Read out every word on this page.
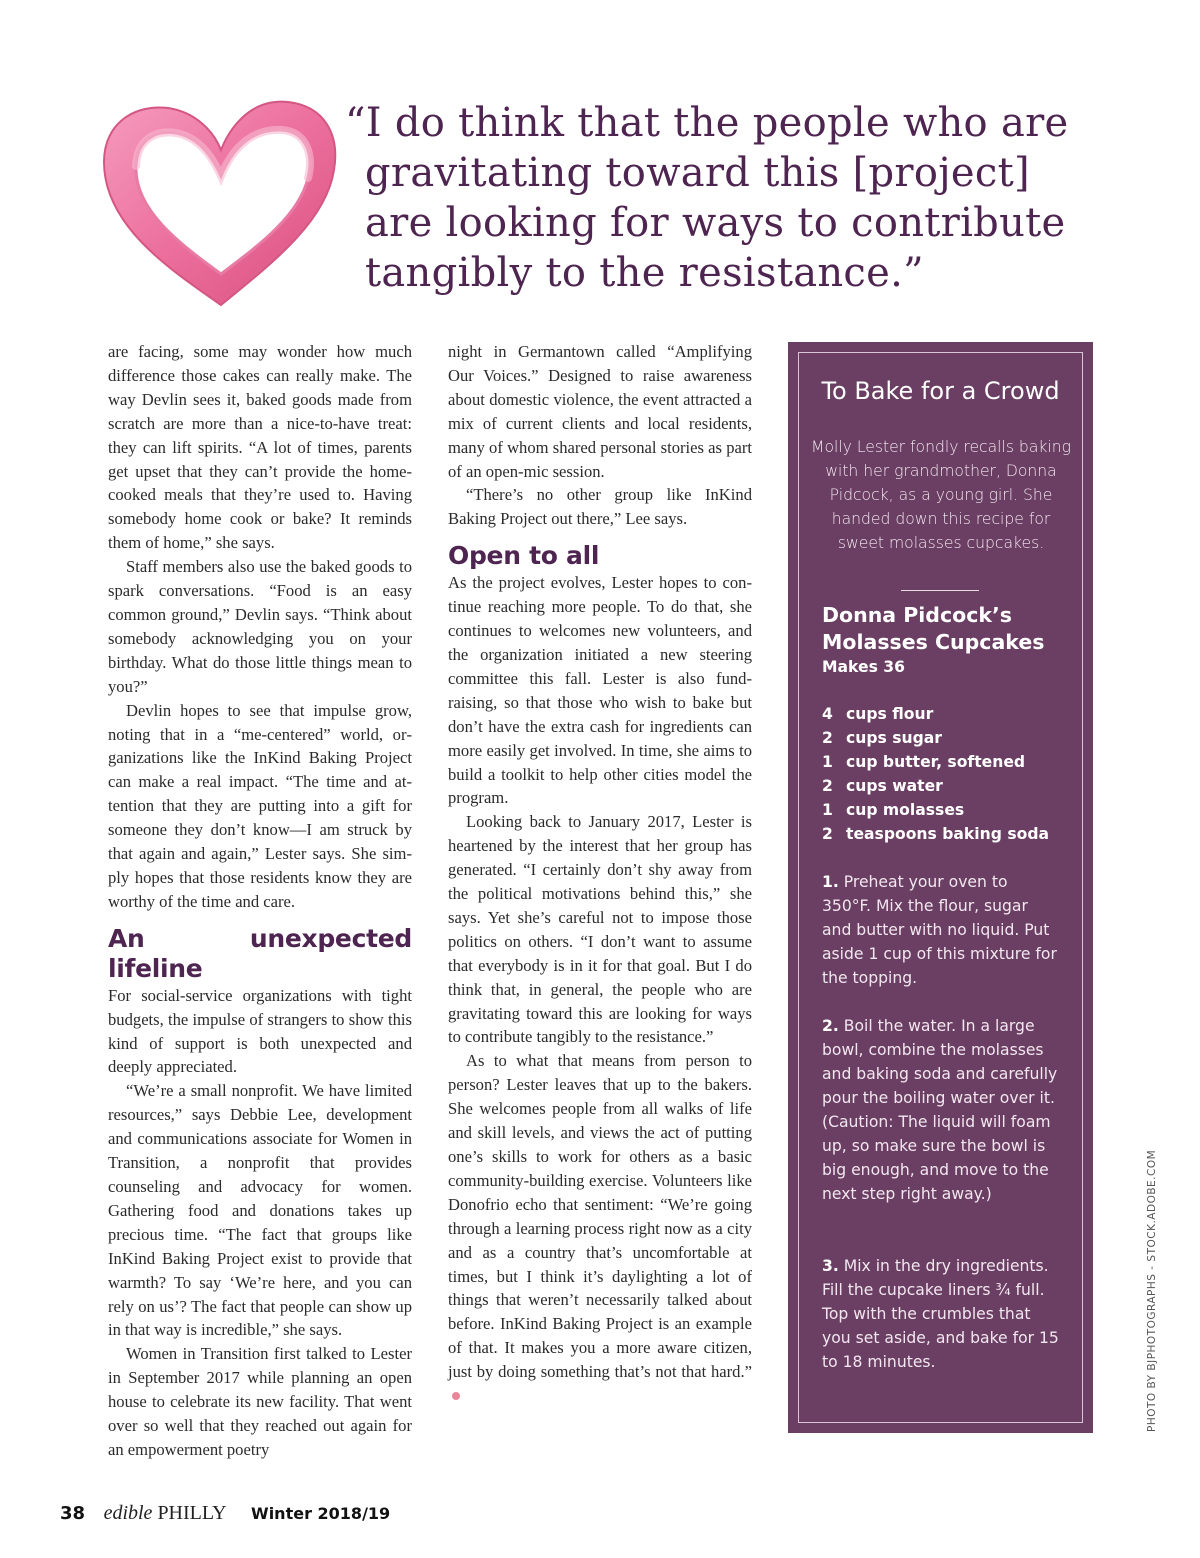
“I do think that the people who are
gravitating toward this [project]
are looking for ways to contribute
tangibly to the resistance.”

are facing, some may wonder how much difference those cakes can really make. The way Devlin sees it, baked goods made from scratch are more than a nice-to-have treat: they can lift spirits. “A lot of times, parents get upset that they can’t provide the home-cooked meals that they’re used to. Having somebody home cook or bake? It reminds them of home,” she says.

Staff members also use the baked goods to spark conversations. “Food is an easy common ground,” Devlin says. “Think about somebody acknowledging you on your birthday. What do those little things mean to you?”

Devlin hopes to see that impulse grow, noting that in a “me-centered” world, organizations like the InKind Baking Project can make a real impact. “The time and attention that they are putting into a gift for someone they don’t know—I am struck by that again and again,” Lester says. She simply hopes that those residents know they are worthy of the time and care.

An unexpected lifeline

For social-service organizations with tight budgets, the impulse of strangers to show this kind of support is both unexpected and deeply appreciated.

“We’re a small nonprofit. We have limited resources,” says Debbie Lee, development and communications associate for Women in Transition, a nonprofit that provides counseling and advocacy for women. Gathering food and donations takes up precious time. “The fact that groups like InKind Baking Project exist to provide that warmth? To say ‘We’re here, and you can rely on us’? The fact that people can show up in that way is incredible,” she says.

Women in Transition first talked to Lester in September 2017 while planning an open house to celebrate its new facility. That went over so well that they reached out again for an empowerment poetry

night in Germantown called “Amplifying Our Voices.” Designed to raise awareness about domestic violence, the event attracted a mix of current clients and local residents, many of whom shared personal stories as part of an open-mic session.

“There’s no other group like InKind Baking Project out there,” Lee says.

Open to all

As the project evolves, Lester hopes to continue reaching more people. To do that, she continues to welcomes new volunteers, and the organization initiated a new steering committee this fall. Lester is also fundraising, so that those who wish to bake but don’t have the extra cash for ingredients can more easily get involved. In time, she aims to build a toolkit to help other cities model the program.

Looking back to January 2017, Lester is heartened by the interest that her group has generated. “I certainly don’t shy away from the political motivations behind this,” she says. Yet she’s careful not to impose those politics on others. “I don’t want to assume that everybody is in it for that goal. But I do think that, in general, the people who are gravitating toward this are looking for ways to contribute tangibly to the resistance.”

As to what that means from person to person? Lester leaves that up to the bakers. She welcomes people from all walks of life and skill levels, and views the act of putting one’s skills to work for others as a basic community-building exercise. Volunteers like Donofrio echo that sentiment: “We’re going through a learning process right now as a city and as a country that’s uncomfortable at times, but I think it’s daylighting a lot of things that weren’t necessarily talked about before. InKind Baking Project is an example of that. It makes you a more aware citizen, just by doing something that’s not that hard.”

To Bake for a Crowd

Molly Lester fondly recalls baking with her grandmother, Donna Pidcock, as a young girl. She handed down this recipe for sweet molasses cupcakes.

Donna Pidcock’s Molasses Cupcakes
Makes 36
4 cups flour
2 cups sugar
1 cup butter, softened
2 cups water
1 cup molasses
2 teaspoons baking soda

1. Preheat your oven to 350°F. Mix the flour, sugar and butter with no liquid. Put aside 1 cup of this mixture for the topping.

2. Boil the water. In a large bowl, combine the molasses and baking soda and carefully pour the boiling water over it. (Caution: The liquid will foam up, so make sure the bowl is big enough, and move to the next step right away.)

3. Mix in the dry ingredients. Fill the cupcake liners ¾ full. Top with the crumbles that you set aside, and bake for 15 to 18 minutes.	PHOTO BY BJPHOTOGRAPHS - STOCK.ADOBE.COM
38 edible PHILLY Winter 2018/19
